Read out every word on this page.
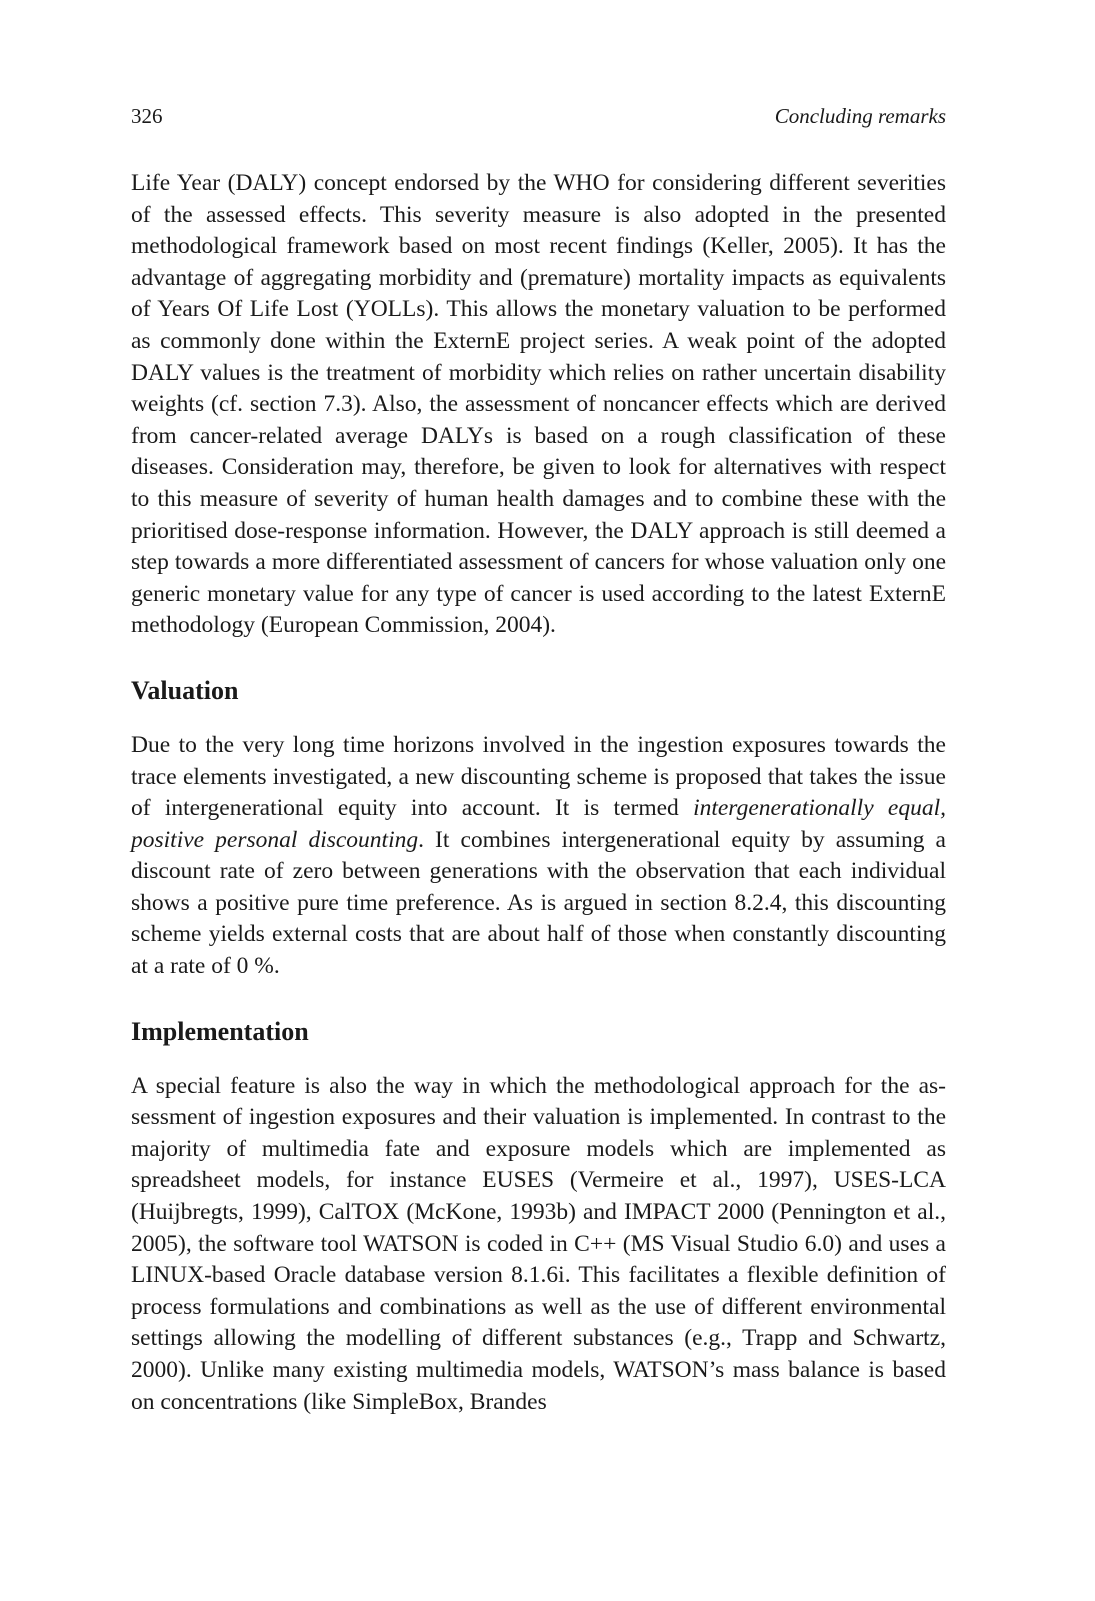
326	Concluding remarks

Life Year (DALY) concept endorsed by the WHO for considering different severities of the assessed effects. This severity measure is also adopted in the presented methodological framework based on most recent findings (Keller, 2005). It has the advantage of aggregating morbidity and (premature) mortality impacts as equivalents of Years Of Life Lost (YOLLs). This allows the monetary valuation to be performed as commonly done within the ExternE project series. A weak point of the adopted DALY values is the treatment of morbidity which relies on rather uncertain disability weights (cf. section 7.3). Also, the assessment of noncancer effects which are derived from cancer-related average DALYs is based on a rough classification of these diseases. Consideration may, therefore, be given to look for alternatives with respect to this measure of severity of human health damages and to combine these with the prioritised dose-response information. However, the DALY approach is still deemed a step towards a more differentiated assessment of cancers for whose valuation only one generic monetary value for any type of cancer is used according to the latest ExternE methodology (European Commission, 2004).

Valuation

Due to the very long time horizons involved in the ingestion exposures towards the trace elements investigated, a new discounting scheme is proposed that takes the issue of intergenerational equity into account. It is termed intergenerationally equal, positive personal discounting. It combines intergenerational equity by assuming a discount rate of zero between generations with the observation that each individual shows a positive pure time preference. As is argued in section 8.2.4, this discounting scheme yields external costs that are about half of those when constantly discounting at a rate of 0 %.

Implementation

A special feature is also the way in which the methodological approach for the assessment of ingestion exposures and their valuation is implemented. In contrast to the majority of multimedia fate and exposure models which are implemented as spreadsheet models, for instance EUSES (Vermeire et al., 1997), USES-LCA (Huijbregts, 1999), CalTOX (McKone, 1993b) and IMPACT 2000 (Pennington et al., 2005), the software tool WATSON is coded in C++ (MS Visual Studio 6.0) and uses a LINUX-based Oracle database version 8.1.6i. This facilitates a flexible definition of process formulations and combinations as well as the use of different environmental settings allowing the modelling of different substances (e.g., Trapp and Schwartz, 2000). Unlike many existing multimedia models, WATSON’s mass balance is based on concentrations (like SimpleBox, Brandes
